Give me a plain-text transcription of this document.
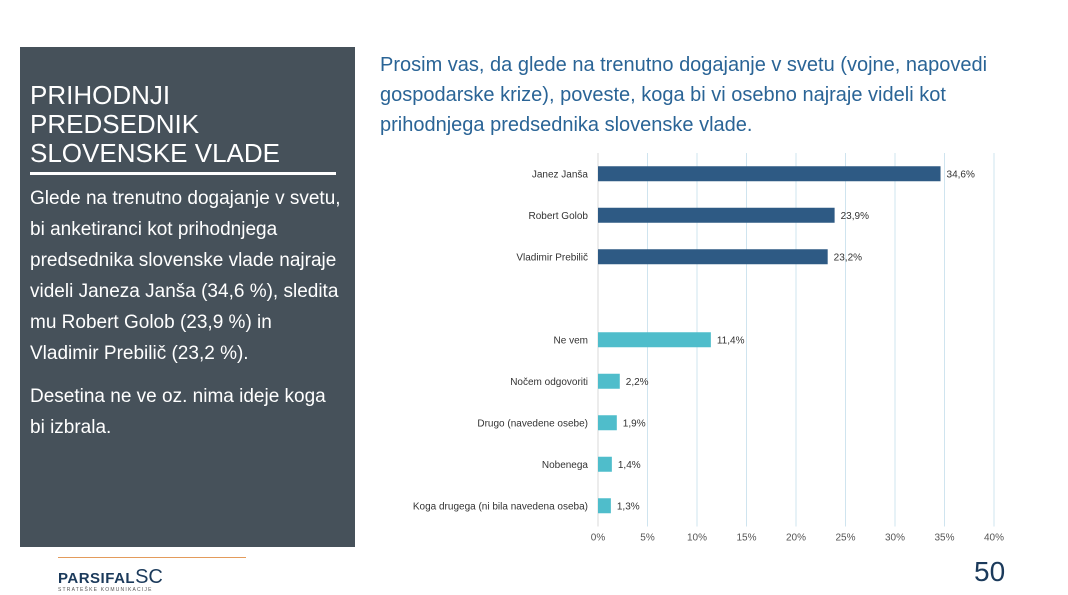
PRIHODNJI
PREDSEDNIK
SLOVENSKE VLADE

Glede na trenutno dogajanje v svetu, bi anketiranci kot prihodnjega predsednika slovenske vlade najraje videli Janeza Janša (34,6 %), sledita mu Robert Golob (23,9 %) in Vladimir Prebilič (23,2 %).

Desetina ne ve oz. nima ideje koga bi izbrala.

Prosim vas, da glede na trenutno dogajanje v svetu (vojne, napovedi gospodarske krize), poveste, koga bi vi osebno najraje videli kot prihodnjega predsednika slovenske vlade.
0%	5%	10%	15%	20%	25%	30%	35%	40%
Janez Janša	34,6%
Robert Golob	23,9%
Vladimir Prebilič	23,2%
Ne vem	11,4%
Nočem odgovoriti	2,2%
Drugo (navedene osebe)	1,9%
Nobenega	1,4%
Koga drugega (ni bila navedena oseba)	1,3%
PARSIFALSC
STRATEŠKE KOMUNIKACIJE
50
